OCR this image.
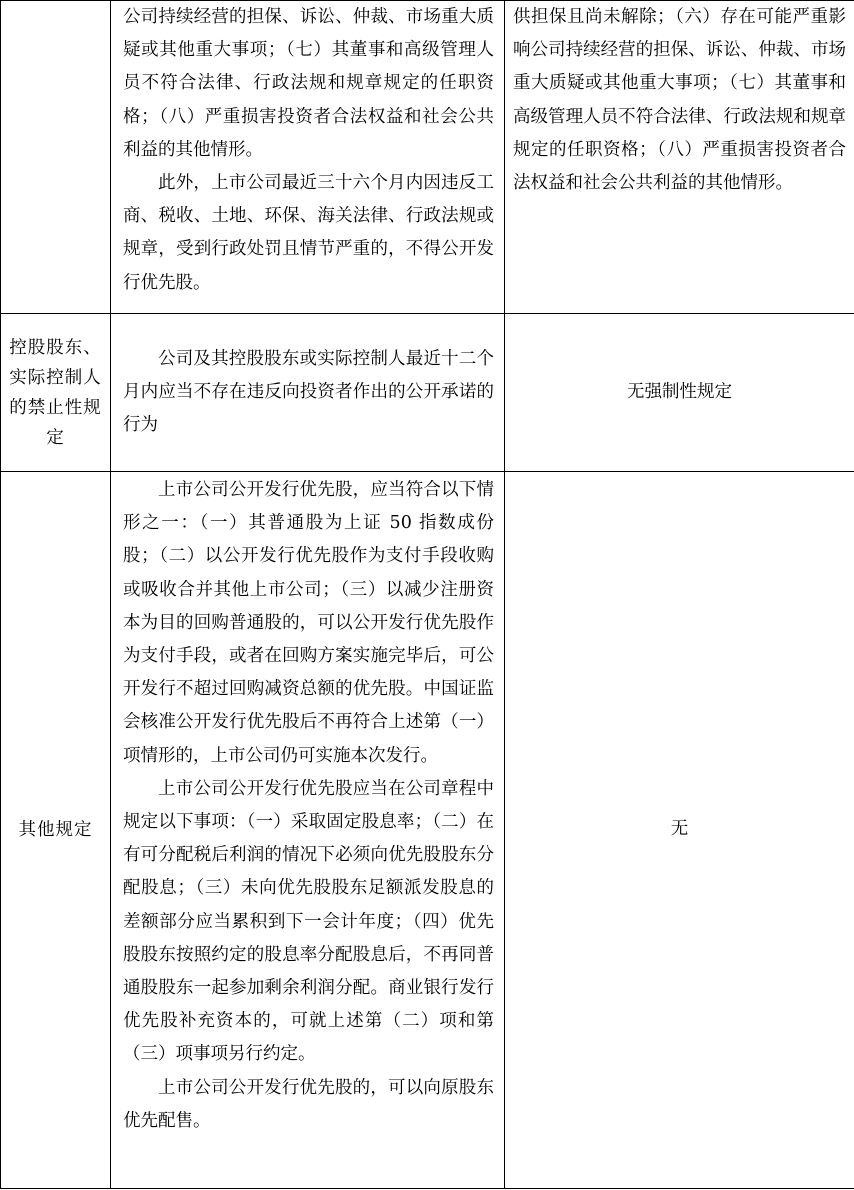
	公司持续经营的担保、诉讼、仲裁、市场重大质疑或其他重大事项；（七）其董事和高级管理人员不符合法律、行政法规和规章规定的任职资格；（八）严重损害投资者合法权益和社会公共利益的其他情形。

此外，上市公司最近三十六个月内因违反工商、税收、土地、环保、海关法律、行政法规或规章，受到行政处罚且情节严重的，不得公开发行优先股。	供担保且尚未解除；（六）存在可能严重影响公司持续经营的担保、诉讼、仲裁、市场重大质疑或其他重大事项；（七）其董事和高级管理人员不符合法律、行政法规和规章规定的任职资格；（八）严重损害投资者合法权益和社会公共利益的其他情形。

控股股东、实际控制人的禁止性规定	公司及其控股股东或实际控制人最近十二个月内应当不存在违反向投资者作出的公开承诺的行为	无强制性规定

其他规定	上市公司公开发行优先股，应当符合以下情形之一：（一）其普通股为上证 50 指数成份股；（二）以公开发行优先股作为支付手段收购或吸收合并其他上市公司；（三）以减少注册资本为目的回购普通股的，可以公开发行优先股作为支付手段，或者在回购方案实施完毕后，可公开发行不超过回购减资总额的优先股。中国证监会核准公开发行优先股后不再符合上述第（一）项情形的，上市公司仍可实施本次发行。

上市公司公开发行优先股应当在公司章程中规定以下事项：（一）采取固定股息率；（二）在有可分配税后利润的情况下必须向优先股股东分配股息；（三）未向优先股股东足额派发股息的差额部分应当累积到下一会计年度；（四）优先股股东按照约定的股息率分配股息后，不再同普通股股东一起参加剩余利润分配。商业银行发行优先股补充资本的，可就上述第（二）项和第（三）项事项另行约定。

上市公司公开发行优先股的，可以向原股东优先配售。	无
